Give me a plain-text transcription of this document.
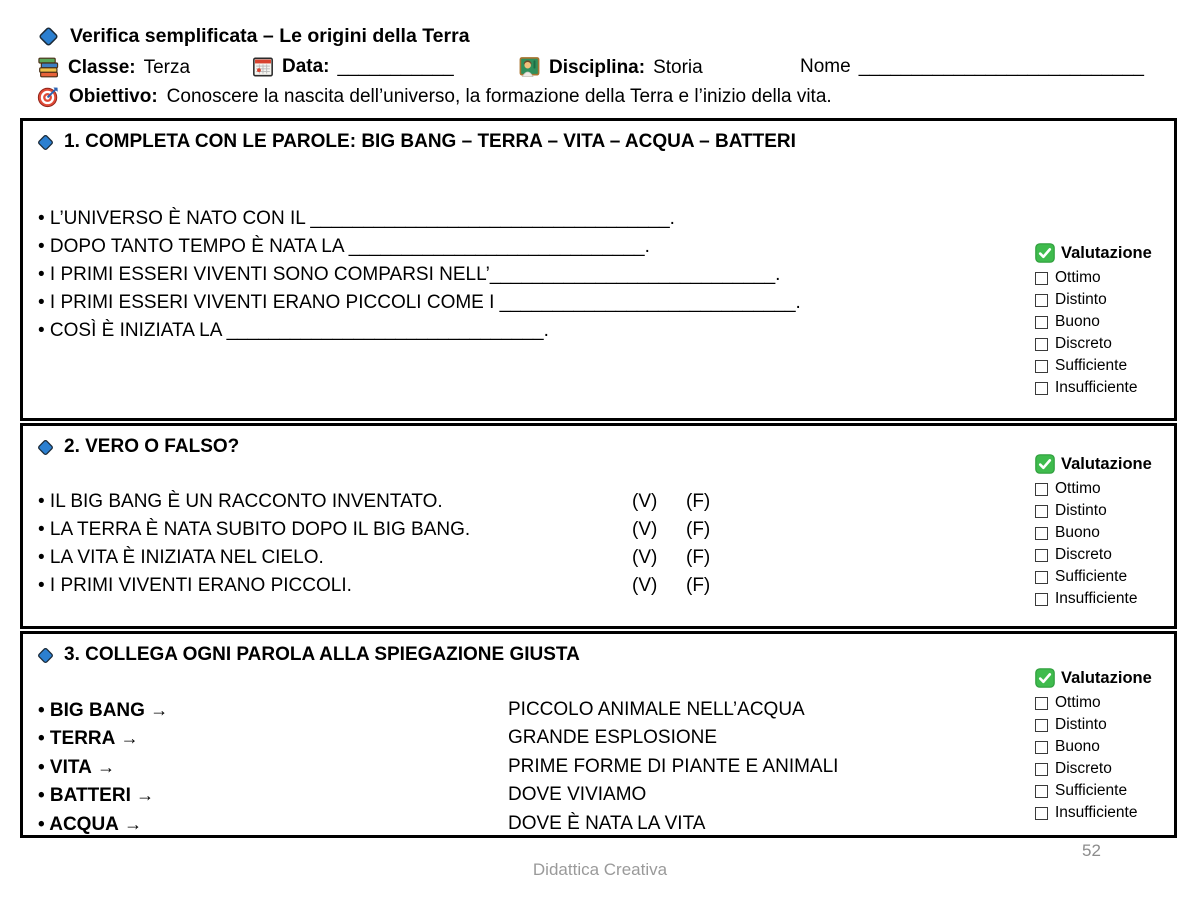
Verifica semplificata – Le origini della Terra
Classe: Terza	Data: ___________	Disciplina: Storia	Nome ___________________________
Obiettivo: Conoscere la nascita dell’universo, la formazione della Terra e l’inizio della vita.
1. COMPLETA CON LE PAROLE: BIG BANG – TERRA – VITA – ACQUA – BATTERI
• L’UNIVERSO È NATO CON IL __________________________________.
• DOPO TANTO TEMPO È NATA LA ____________________________.
• I PRIMI ESSERI VIVENTI SONO COMPARSI NELL’___________________________.
• I PRIMI ESSERI VIVENTI ERANO PICCOLI COME I ____________________________.
• COSÌ È INIZIATA LA ______________________________.
Valutazione
Ottimo
Distinto
Buono
Discreto
Sufficiente
Insufficiente
2. VERO O FALSO?
• IL BIG BANG È UN RACCONTO INVENTATO.	(V) (F)
• LA TERRA È NATA SUBITO DOPO IL BIG BANG.	(V) (F)
• LA VITA È INIZIATA NEL CIELO.	(V) (F)
• I PRIMI VIVENTI ERANO PICCOLI.	(V) (F)
Valutazione
Ottimo
Distinto
Buono
Discreto
Sufficiente
Insufficiente
3. COLLEGA OGNI PAROLA ALLA SPIEGAZIONE GIUSTA
• BIG BANG →	PICCOLO ANIMALE NELL’ACQUA
• TERRA →	GRANDE ESPLOSIONE
• VITA →	PRIME FORME DI PIANTE E ANIMALI
• BATTERI →	DOVE VIVIAMO
• ACQUA →	DOVE È NATA LA VITA
Valutazione
Ottimo
Distinto
Buono
Discreto
Sufficiente
Insufficiente
Didattica Creativa
52
